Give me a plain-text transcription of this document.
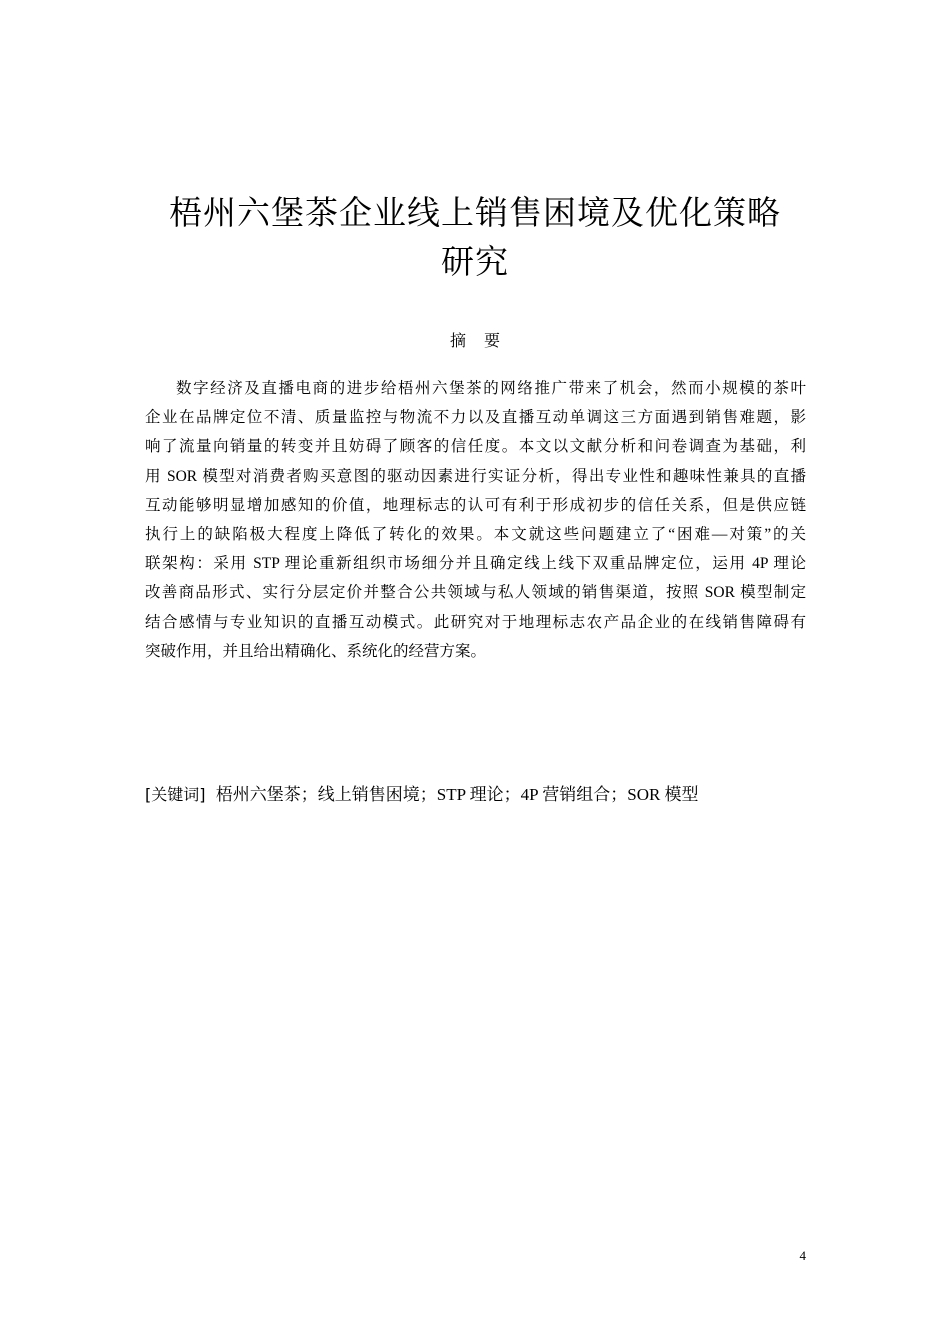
梧州六堡茶企业线上销售困境及优化策略
研究
摘要
数字经济及直播电商的进步给梧州六堡茶的网络推广带来了机会，然而小规模的茶叶
企业在品牌定位不清、质量监控与物流不力以及直播互动单调这三方面遇到销售难题，影
响了流量向销量的转变并且妨碍了顾客的信任度。本文以文献分析和问卷调查为基础，利
用 SOR 模型对消费者购买意图的驱动因素进行实证分析，得出专业性和趣味性兼具的直播
互动能够明显增加感知的价值，地理标志的认可有利于形成初步的信任关系，但是供应链
执行上的缺陷极大程度上降低了转化的效果。本文就这些问题建立了“困难—对策”的关
联架构：采用 STP 理论重新组织市场细分并且确定线上线下双重品牌定位，运用 4P 理论
改善商品形式、实行分层定价并整合公共领域与私人领域的销售渠道，按照 SOR 模型制定
结合感情与专业知识的直播互动模式。此研究对于地理标志农产品企业的在线销售障碍有
突破作用，并且给出精确化、系统化的经营方案。
[关键词] 梧州六堡茶；线上销售困境；STP 理论；4P 营销组合；SOR 模型
4
